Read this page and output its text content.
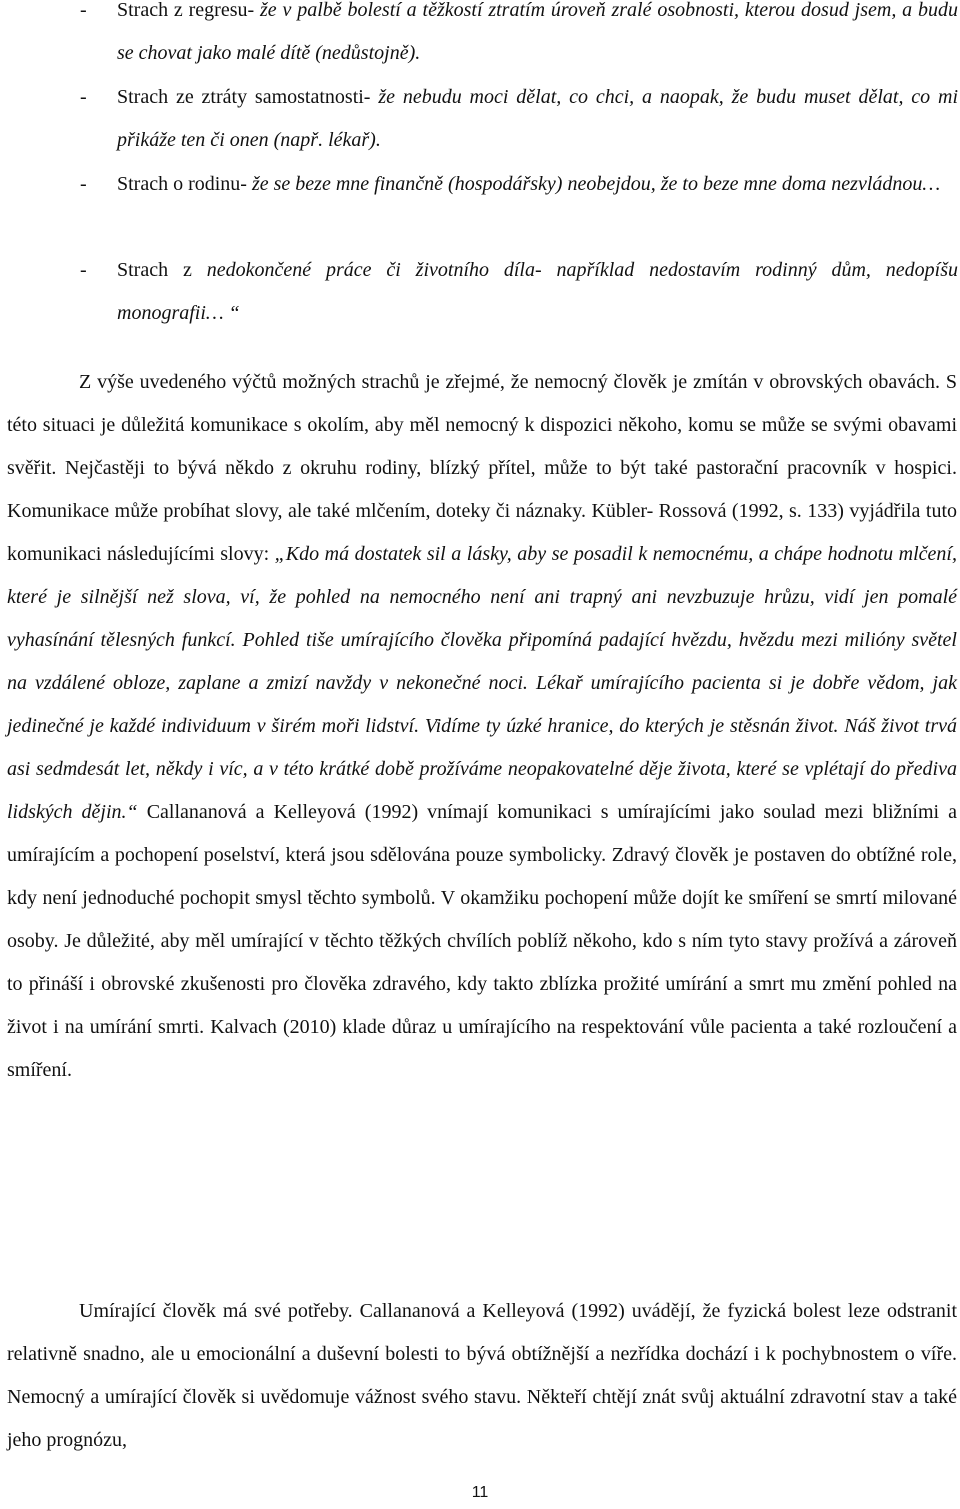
- Strach z regresu- že v palbě bolestí a těžkostí ztratím úroveň zralé osobnosti, kterou dosud jsem, a budu se chovat jako malé dítě (nedůstojně).
- Strach ze ztráty samostatnosti- že nebudu moci dělat, co chci, a naopak, že budu muset dělat, co mi přikáže ten či onen (např. lékař).
- Strach o rodinu- že se beze mne finančně (hospodářsky) neobejdou, že to beze mne doma nezvládnou…
- Strach z nedokončené práce či životního díla- například nedostavím rodinný dům, nedopíšu monografii… “
Z výše uvedeného výčtů možných strachů je zřejmé, že nemocný člověk je zmítán v obrovských obavách. S této situaci je důležitá komunikace s okolím, aby měl nemocný k dispozici někoho, komu se může se svými obavami svěřit. Nejčastěji to bývá někdo z okruhu rodiny, blízký přítel, může to být také pastorační pracovník v hospici. Komunikace může probíhat slovy, ale také mlčením, doteky či náznaky. Kübler- Rossová (1992, s. 133) vyjádřila tuto komunikaci následujícími slovy: „Kdo má dostatek sil a lásky, aby se posadil k nemocnému, a chápe hodnotu mlčení, které je silnější než slova, ví, že pohled na nemocného není ani trapný ani nevzbuzuje hrůzu, vidí jen pomalé vyhasínání tělesných funkcí. Pohled tiše umírajícího člověka připomíná padající hvězdu, hvězdu mezi milióny světel na vzdálené obloze, zaplane a zmizí navždy v nekonečné noci. Lékař umírajícího pacienta si je dobře vědom, jak jedinečné je každé individuum v širém moři lidství. Vidíme ty úzké hranice, do kterých je stěsnán život. Náš život trvá asi sedmdesát let, někdy i víc, a v této krátké době prožíváme neopakovatelné děje života, které se vplétají do přediva lidských dějin.“ Callananová a Kelleyová (1992) vnímají komunikaci s umírajícími jako soulad mezi bližními a umírajícím a pochopení poselství, která jsou sdělována pouze symbolicky. Zdravý člověk je postaven do obtížné role, kdy není jednoduché pochopit smysl těchto symbolů. V okamžiku pochopení může dojít ke smíření se smrtí milované osoby. Je důležité, aby měl umírající v těchto těžkých chvílích poblíž někoho, kdo s ním tyto stavy prožívá a zároveň to přináší i obrovské zkušenosti pro člověka zdravého, kdy takto zblízka prožité umírání a smrt mu změní pohled na život i na umírání smrti. Kalvach (2010) klade důraz u umírajícího na respektování vůle pacienta a také rozloučení a smíření.
Umírající člověk má své potřeby. Callananová a Kelleyová (1992) uvádějí, že fyzická bolest leze odstranit relativně snadno, ale u emocionální a duševní bolesti to bývá obtížnější a nezřídka dochází i k pochybnostem o víře. Nemocný a umírající člověk si uvědomuje vážnost svého stavu. Někteří chtějí znát svůj aktuální zdravotní stav a také jeho prognózu,
11
